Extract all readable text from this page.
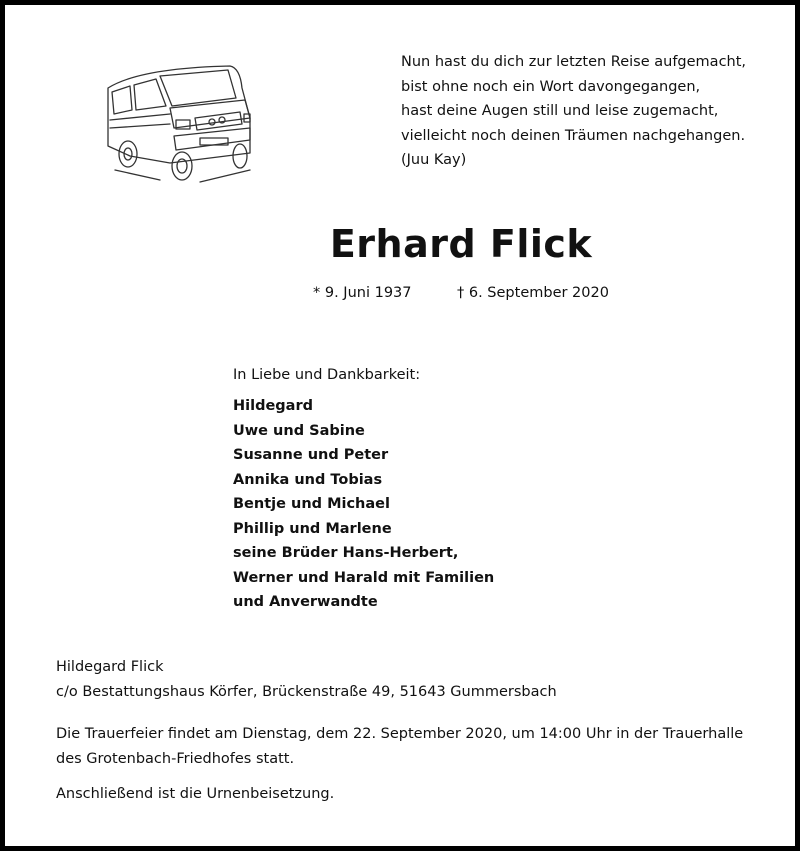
Nun hast du dich zur letzten Reise aufgemacht,
bist ohne noch ein Wort davongegangen,
hast deine Augen still und leise zugemacht,
vielleicht noch deinen Träumen nachgehangen.
(Juu Kay)
Erhard Flick
* 9. Juni 1937	† 6. September 2020
In Liebe und Dankbarkeit:
Hildegard
Uwe und Sabine
Susanne und Peter
Annika und Tobias
Bentje und Michael
Phillip und Marlene
seine Brüder Hans-Herbert,
Werner und Harald mit Familien
und Anverwandte
Hildegard Flick
c/o Bestattungshaus Körfer, Brückenstraße 49, 51643 Gummersbach
Die Trauerfeier findet am Dienstag, dem 22. September 2020, um 14:00 Uhr in der Trauerhalle
des Grotenbach-Friedhofes statt.
Anschließend ist die Urnenbeisetzung.
